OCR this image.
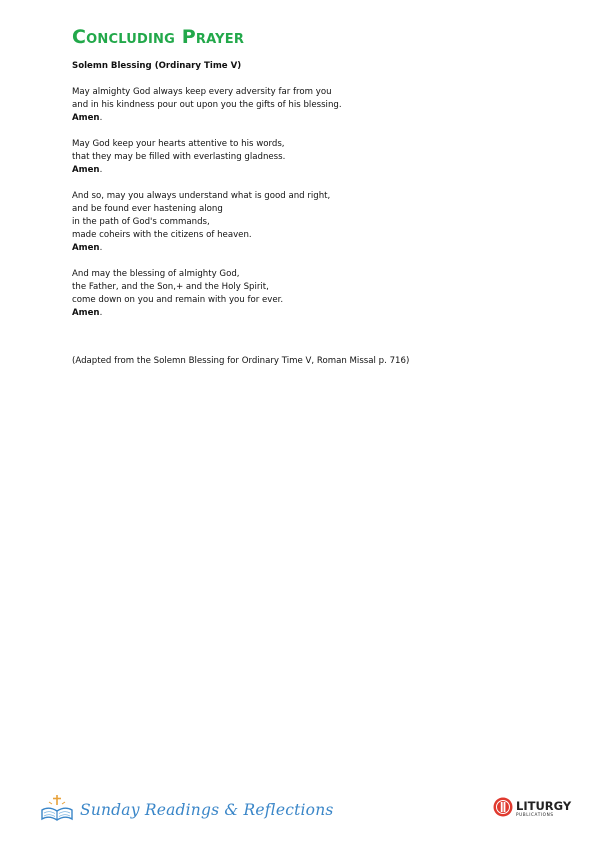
Concluding Prayer
Solemn Blessing (Ordinary Time V)
May almighty God always keep every adversity far from you
and in his kindness pour out upon you the gifts of his blessing.
Amen.
May God keep your hearts attentive to his words,
that they may be filled with everlasting gladness.
Amen.
And so, may you always understand what is good and right,
and be found ever hastening along
in the path of God's commands,
made coheirs with the citizens of heaven.
Amen.
And may the blessing of almighty God,
the Father, and the Son,+ and the Holy Spirit,
come down on you and remain with you for ever.
Amen.
(Adapted from the Solemn Blessing for Ordinary Time V, Roman Missal p. 716)
Sunday Readings & Reflections	LITURGY
PUBLICATIONS
